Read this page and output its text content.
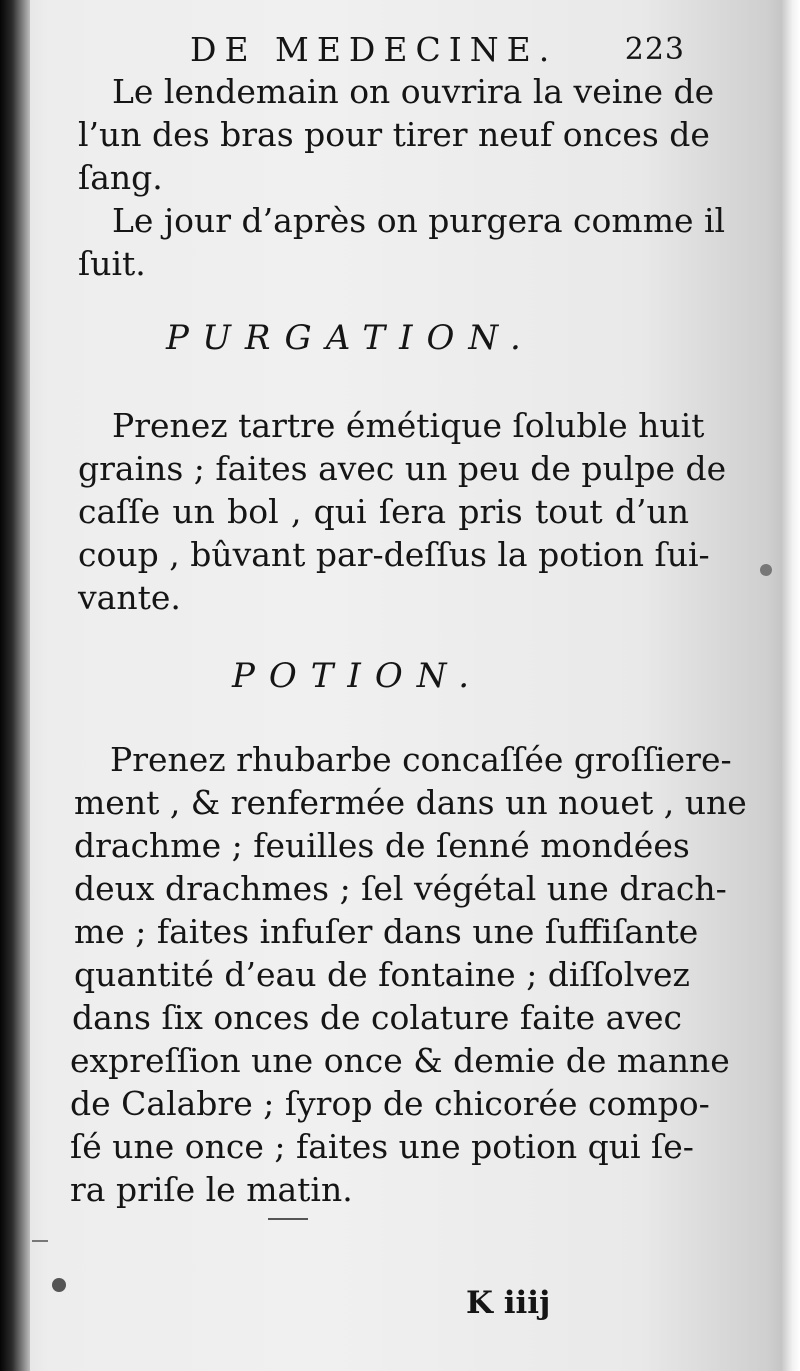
DE MEDECINE. 223
Le lendemain on ouvrira la veine de
l’un des bras pour tirer neuf onces de
ſang.
Le jour d’après on purgera comme il
ſuit.
PURGATION.
Prenez tartre émétique ſoluble huit
grains ; faites avec un peu de pulpe de
caſſe un bol , qui ſera pris tout d’un
coup , bûvant par-deſſus la potion ſui-
vante.
POTION.
Prenez rhubarbe concaſſée groſſiere-
ment , & renfermée dans un nouet , une
drachme ; feuilles de ſenné mondées
deux drachmes ; ſel végétal une drach-
me ; faites infuſer dans une ſuffiſante
quantité d’eau de fontaine ; diſſolvez
dans ſix onces de colature faite avec
expreſſion une once & demie de manne
de Calabre ; ſyrop de chicorée compo-
ſé une once ; faites une potion qui ſe-
ra priſe le matin.
K iiij
